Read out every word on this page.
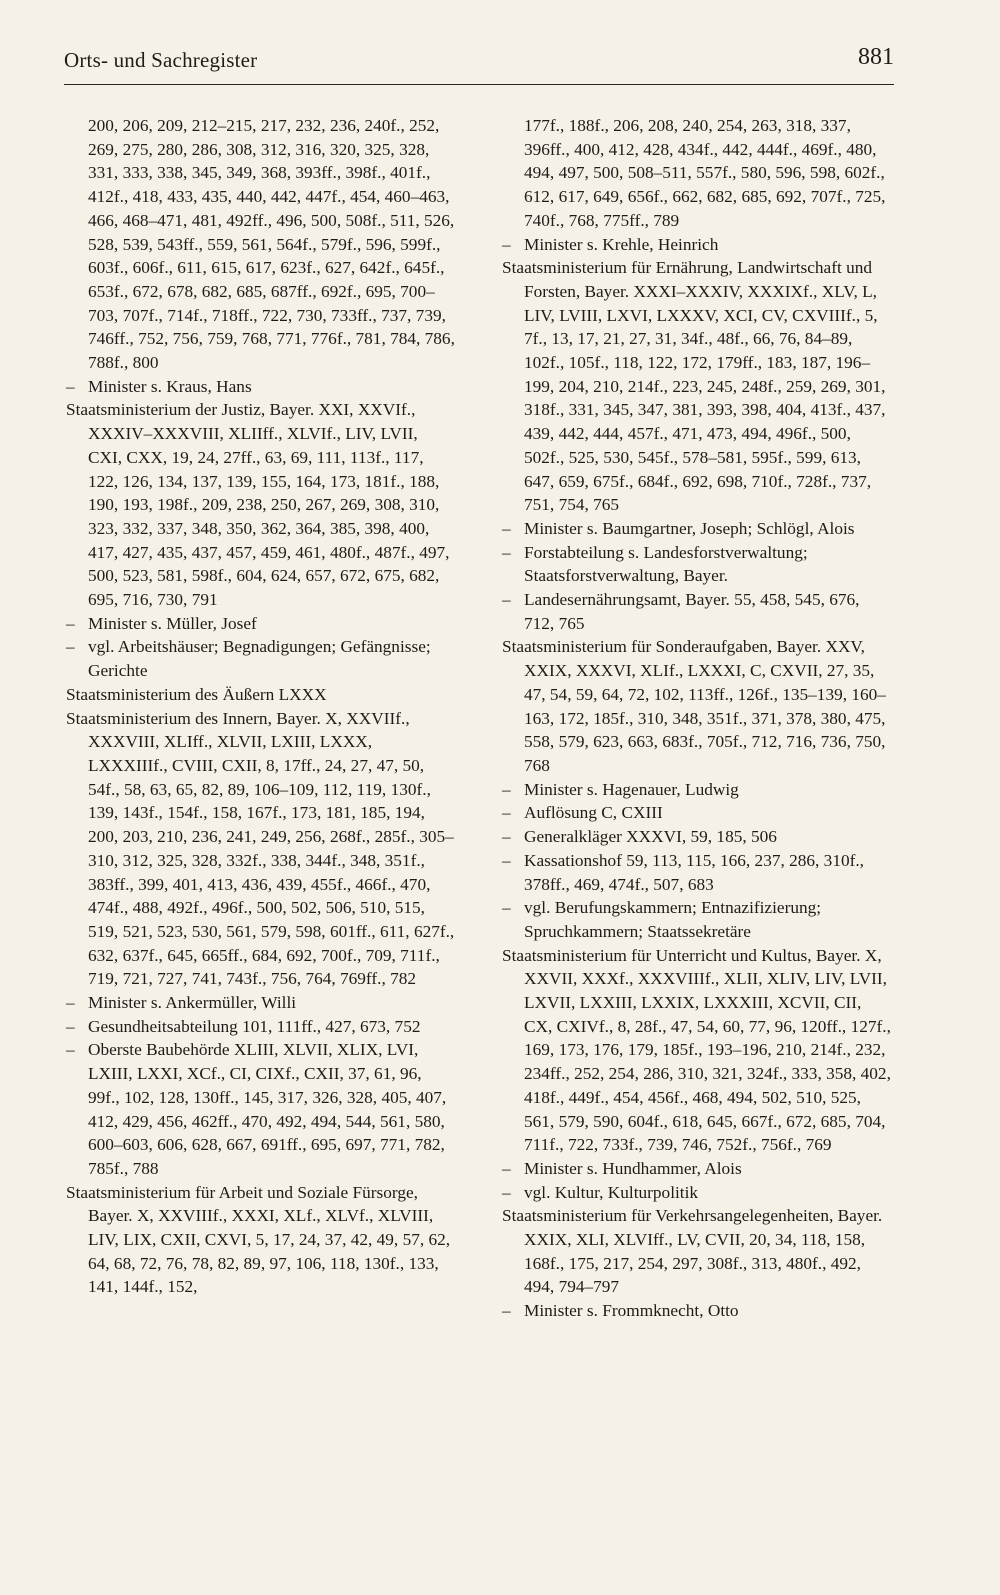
Orts- und Sachregister	881

200, 206, 209, 212–215, 217, 232, 236, 240f., 252, 269, 275, 280, 286, 308, 312, 316, 320, 325, 328, 331, 333, 338, 345, 349, 368, 393ff., 398f., 401f., 412f., 418, 433, 435, 440, 442, 447f., 454, 460–463, 466, 468–471, 481, 492ff., 496, 500, 508f., 511, 526, 528, 539, 543ff., 559, 561, 564f., 579f., 596, 599f., 603f., 606f., 611, 615, 617, 623f., 627, 642f., 645f., 653f., 672, 678, 682, 685, 687ff., 692f., 695, 700–703, 707f., 714f., 718ff., 722, 730, 733ff., 737, 739, 746ff., 752, 756, 759, 768, 771, 776f., 781, 784, 786, 788f., 800

– Minister s. Kraus, Hans

Staatsministerium der Justiz, Bayer. XXI, XXVIf., XXXIV–XXXVIII, XLIIff., XLVIf., LIV, LVII, CXI, CXX, 19, 24, 27ff., 63, 69, 111, 113f., 117, 122, 126, 134, 137, 139, 155, 164, 173, 181f., 188, 190, 193, 198f., 209, 238, 250, 267, 269, 308, 310, 323, 332, 337, 348, 350, 362, 364, 385, 398, 400, 417, 427, 435, 437, 457, 459, 461, 480f., 487f., 497, 500, 523, 581, 598f., 604, 624, 657, 672, 675, 682, 695, 716, 730, 791

– Minister s. Müller, Josef

– vgl. Arbeitshäuser; Begnadigungen; Gefängnisse; Gerichte

Staatsministerium des Äußern LXXX

Staatsministerium des Innern, Bayer. X, XXVIIf., XXXVIII, XLIff., XLVII, LXIII, LXXX, LXXXIIIf., CVIII, CXII, 8, 17ff., 24, 27, 47, 50, 54f., 58, 63, 65, 82, 89, 106–109, 112, 119, 130f., 139, 143f., 154f., 158, 167f., 173, 181, 185, 194, 200, 203, 210, 236, 241, 249, 256, 268f., 285f., 305–310, 312, 325, 328, 332f., 338, 344f., 348, 351f., 383ff., 399, 401, 413, 436, 439, 455f., 466f., 470, 474f., 488, 492f., 496f., 500, 502, 506, 510, 515, 519, 521, 523, 530, 561, 579, 598, 601ff., 611, 627f., 632, 637f., 645, 665ff., 684, 692, 700f., 709, 711f., 719, 721, 727, 741, 743f., 756, 764, 769ff., 782

– Minister s. Ankermüller, Willi

– Gesundheitsabteilung 101, 111ff., 427, 673, 752

– Oberste Baubehörde XLIII, XLVII, XLIX, LVI, LXIII, LXXI, XCf., CI, CIXf., CXII, 37, 61, 96, 99f., 102, 128, 130ff., 145, 317, 326, 328, 405, 407, 412, 429, 456, 462ff., 470, 492, 494, 544, 561, 580, 600–603, 606, 628, 667, 691ff., 695, 697, 771, 782, 785f., 788

Staatsministerium für Arbeit und Soziale Fürsorge, Bayer. X, XXVIIIf., XXXI, XLf., XLVf., XLVIII, LIV, LIX, CXII, CXVI, 5, 17, 24, 37, 42, 49, 57, 62, 64, 68, 72, 76, 78, 82, 89, 97, 106, 118, 130f., 133, 141, 144f., 152,

177f., 188f., 206, 208, 240, 254, 263, 318, 337, 396ff., 400, 412, 428, 434f., 442, 444f., 469f., 480, 494, 497, 500, 508–511, 557f., 580, 596, 598, 602f., 612, 617, 649, 656f., 662, 682, 685, 692, 707f., 725, 740f., 768, 775ff., 789

– Minister s. Krehle, Heinrich

Staatsministerium für Ernährung, Landwirtschaft und Forsten, Bayer. XXXI–XXXIV, XXXIXf., XLV, L, LIV, LVIII, LXVI, LXXXV, XCI, CV, CXVIIIf., 5, 7f., 13, 17, 21, 27, 31, 34f., 48f., 66, 76, 84–89, 102f., 105f., 118, 122, 172, 179ff., 183, 187, 196–199, 204, 210, 214f., 223, 245, 248f., 259, 269, 301, 318f., 331, 345, 347, 381, 393, 398, 404, 413f., 437, 439, 442, 444, 457f., 471, 473, 494, 496f., 500, 502f., 525, 530, 545f., 578–581, 595f., 599, 613, 647, 659, 675f., 684f., 692, 698, 710f., 728f., 737, 751, 754, 765

– Minister s. Baumgartner, Joseph; Schlögl, Alois

– Forstabteilung s. Landesforstverwaltung; Staatsforstverwaltung, Bayer.

– Landesernährungsamt, Bayer. 55, 458, 545, 676, 712, 765

Staatsministerium für Sonderaufgaben, Bayer. XXV, XXIX, XXXVI, XLIf., LXXXI, C, CXVII, 27, 35, 47, 54, 59, 64, 72, 102, 113ff., 126f., 135–139, 160–163, 172, 185f., 310, 348, 351f., 371, 378, 380, 475, 558, 579, 623, 663, 683f., 705f., 712, 716, 736, 750, 768

– Minister s. Hagenauer, Ludwig

– Auflösung C, CXIII

– Generalkläger XXXVI, 59, 185, 506

– Kassationshof 59, 113, 115, 166, 237, 286, 310f., 378ff., 469, 474f., 507, 683

– vgl. Berufungskammern; Entnazifizierung; Spruchkammern; Staatssekretäre

Staatsministerium für Unterricht und Kultus, Bayer. X, XXVII, XXXf., XXXVIIIf., XLII, XLIV, LIV, LVII, LXVII, LXXIII, LXXIX, LXXXIII, XCVII, CII, CX, CXIVf., 8, 28f., 47, 54, 60, 77, 96, 120ff., 127f., 169, 173, 176, 179, 185f., 193–196, 210, 214f., 232, 234ff., 252, 254, 286, 310, 321, 324f., 333, 358, 402, 418f., 449f., 454, 456f., 468, 494, 502, 510, 525, 561, 579, 590, 604f., 618, 645, 667f., 672, 685, 704, 711f., 722, 733f., 739, 746, 752f., 756f., 769

– Minister s. Hundhammer, Alois

– vgl. Kultur, Kulturpolitik

Staatsministerium für Verkehrsangelegenheiten, Bayer. XXIX, XLI, XLVIff., LV, CVII, 20, 34, 118, 158, 168f., 175, 217, 254, 297, 308f., 313, 480f., 492, 494, 794–797

– Minister s. Frommknecht, Otto
